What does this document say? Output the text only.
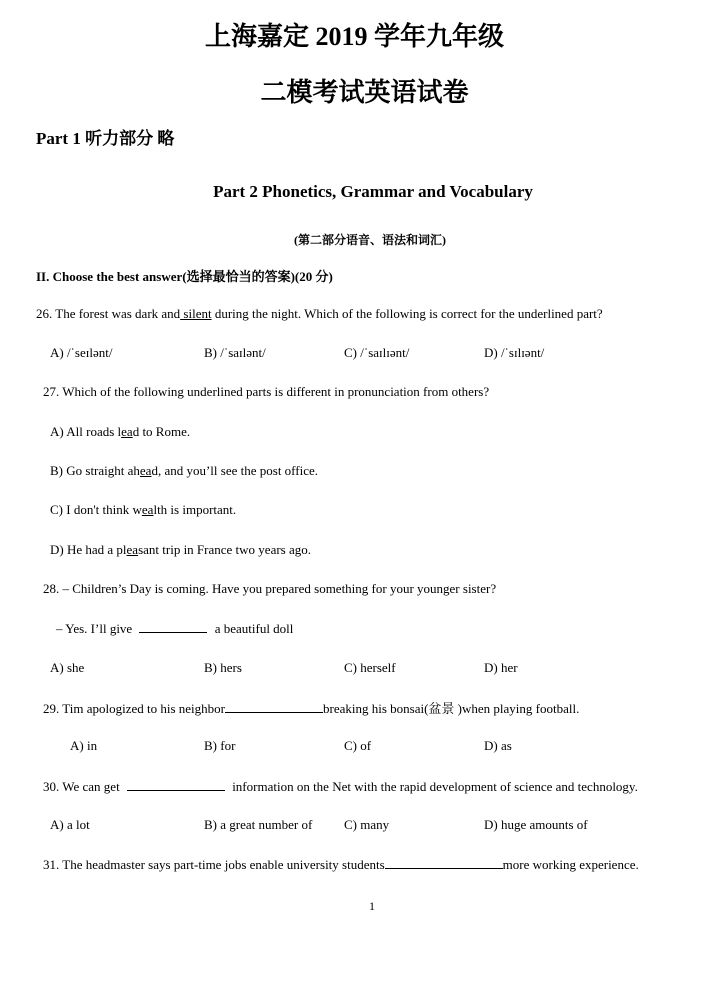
上海嘉定 2019 学年九年级
二模考试英语试卷
Part 1 听力部分 略
Part 2 Phonetics, Grammar and Vocabulary
(第二部分语音、语法和词汇)
II. Choose the best answer(选择最恰当的答案)(20 分)
26. The forest was dark and silent during the night. Which of the following is correct for the underlined part?
A) /ˈseɪlənt/	B) /ˈsaɪlənt/	C) /ˈsaɪlɪənt/	D) /ˈsɪlɪənt/
27. Which of the following underlined parts is different in pronunciation from others?
A) All roads lead to Rome.
B) Go straight ahead, and you’ll see the post office.
C) I don't think wealth is important.
D) He had a pleasant trip in France two years ago.
28. – Children’s Day is coming. Have you prepared something for your younger sister?
– Yes. I’ll give	a beautiful doll
A) she	B) hers	C) herself	D) her
29. Tim apologized to his neighbor	breaking his bonsai(盆景 )when playing football.
A) in	B) for	C) of	D) as
30. We can get	information on the Net with the rapid development of science and technology.
A) a lot	B) a great number of C) many	D) huge amounts of
31. The headmaster says part-time jobs enable university students	more working experience.
1
